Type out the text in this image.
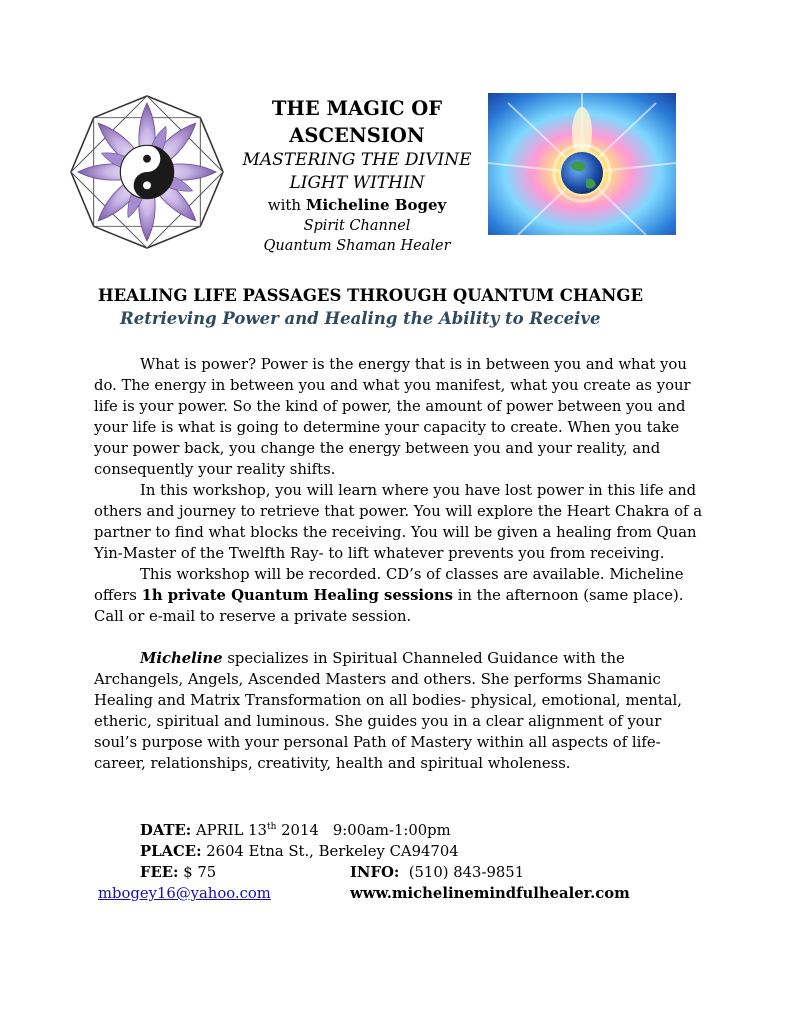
THE MAGIC OF
ASCENSION
MASTERING THE DIVINE
LIGHT WITHIN
with Micheline Bogey
Spirit Channel
Quantum Shaman Healer
HEALING LIFE PASSAGES THROUGH QUANTUM CHANGE
Retrieving Power and Healing the Ability to Receive

What is power? Power is the energy that is in between you and what you do. The energy in between you and what you manifest, what you create as your life is your power. So the kind of power, the amount of power between you and your life is what is going to determine your capacity to create. When you take your power back, you change the energy between you and your reality, and consequently your reality shifts.

In this workshop, you will learn where you have lost power in this life and others and journey to retrieve that power. You will explore the Heart Chakra of a partner to find what blocks the receiving. You will be given a healing from Quan Yin-Master of the Twelfth Ray- to lift whatever prevents you from receiving.

This workshop will be recorded. CD’s of classes are available. Micheline offers 1h private Quantum Healing sessions in the afternoon (same place). Call or e-mail to reserve a private session.

Micheline specializes in Spiritual Channeled Guidance with the Archangels, Angels, Ascended Masters and others. She performs Shamanic Healing and Matrix Transformation on all bodies- physical, emotional, mental, etheric, spiritual and luminous. She guides you in a clear alignment of your soul’s purpose with your personal Path of Mastery within all aspects of life- career, relationships, creativity, health and spiritual wholeness.

DATE: APRIL 13th 2014   9:00am-1:00pm
PLACE: 2604 Etna St., Berkeley CA94704
FEE: $ 75	INFO:  (510) 843-9851
mbogey16@yahoo.com	www.michelinemindfulhealer.com
